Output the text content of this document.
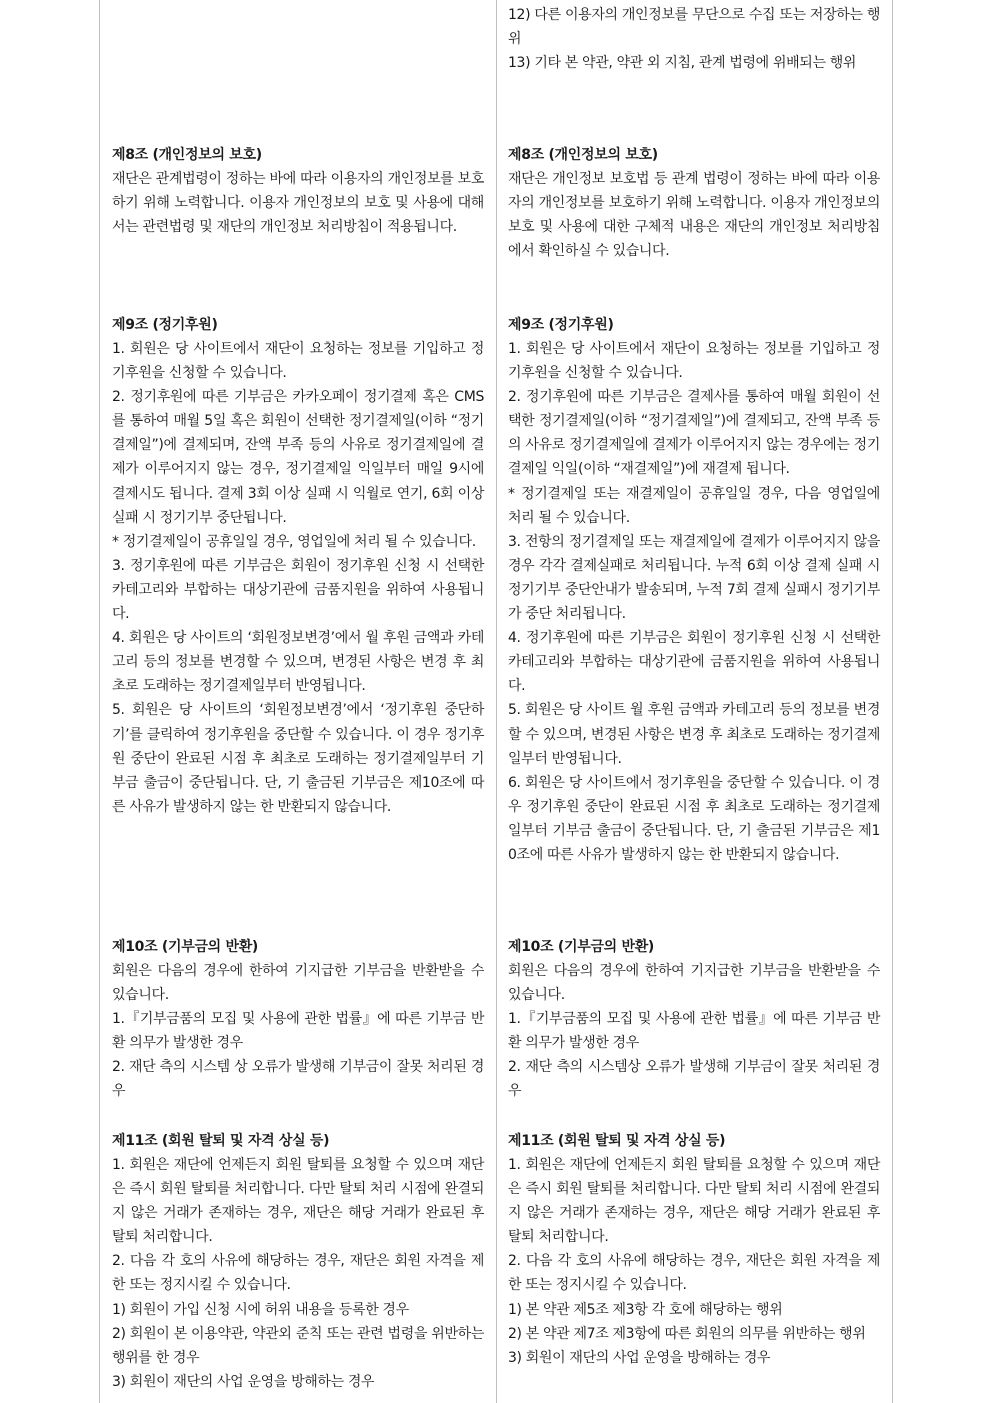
제8조 (개인정보의 보호)

재단은 관계법령이 정하는 바에 따라 이용자의 개인정보를 보호하기 위해 노력합니다. 이용자 개인정보의 보호 및 사용에 대해서는 관련법령 및 재단의 개인정보 처리방침이 적용됩니다.

제9조 (정기후원)

1. 회원은 당 사이트에서 재단이 요청하는 정보를 기입하고 정기후원을 신청할 수 있습니다.

2. 정기후원에 따른 기부금은 카카오페이 정기결제 혹은 CMS를 통하여 매월 5일 혹은 회원이 선택한 정기결제일(이하 “정기결제일”)에 결제되며, 잔액 부족 등의 사유로 정기결제일에 결제가 이루어지지 않는 경우, 정기결제일 익일부터 매일 9시에 결제시도 됩니다. 결제 3회 이상 실패 시 익월로 연기, 6회 이상 실패 시 정기기부 중단됩니다.

* 정기결제일이 공휴일일 경우, 영업일에 처리 될 수 있습니다.

3. 정기후원에 따른 기부금은 회원이 정기후원 신청 시 선택한 카테고리와 부합하는 대상기관에 금품지원을 위하여 사용됩니다.

4. 회원은 당 사이트의 ‘회원정보변경’에서 월 후원 금액과 카테고리 등의 정보를 변경할 수 있으며, 변경된 사항은 변경 후 최초로 도래하는 정기결제일부터 반영됩니다.

5. 회원은 당 사이트의 ‘회원정보변경’에서 ‘정기후원 중단하기’를 클릭하여 정기후원을 중단할 수 있습니다. 이 경우 정기후원 중단이 완료된 시점 후 최초로 도래하는 정기결제일부터 기부금 출금이 중단됩니다. 단, 기 출금된 기부금은 제10조에 따른 사유가 발생하지 않는 한 반환되지 않습니다.

제10조 (기부금의 반환)

회원은 다음의 경우에 한하여 기지급한 기부금을 반환받을 수 있습니다.

1.『기부금품의 모집 및 사용에 관한 법률』에 따른 기부금 반환 의무가 발생한 경우

2. 재단 측의 시스템 상 오류가 발생해 기부금이 잘못 처리된 경우

제11조 (회원 탈퇴 및 자격 상실 등)

1. 회원은 재단에 언제든지 회원 탈퇴를 요청할 수 있으며 재단은 즉시 회원 탈퇴를 처리합니다. 다만 탈퇴 처리 시점에 완결되지 않은 거래가 존재하는 경우, 재단은 해당 거래가 완료된 후 탈퇴 처리합니다.

2. 다음 각 호의 사유에 해당하는 경우, 재단은 회원 자격을 제한 또는 정지시킬 수 있습니다.

1) 회원이 가입 신청 시에 허위 내용을 등록한 경우

2) 회원이 본 이용약관, 약관외 준칙 또는 관련 법령을 위반하는 행위를 한 경우

3) 회원이 재단의 사업 운영을 방해하는 경우

12) 다른 이용자의 개인정보를 무단으로 수집 또는 저장하는 행위

13) 기타 본 약관, 약관 외 지침, 관계 법령에 위배되는 행위

제8조 (개인정보의 보호)

재단은 개인정보 보호법 등 관계 법령이 정하는 바에 따라 이용자의 개인정보를 보호하기 위해 노력합니다. 이용자 개인정보의 보호 및 사용에 대한 구체적 내용은 재단의 개인정보 처리방침에서 확인하실 수 있습니다.

제9조 (정기후원)

1. 회원은 당 사이트에서 재단이 요청하는 정보를 기입하고 정기후원을 신청할 수 있습니다.

2. 정기후원에 따른 기부금은 결제사를 통하여 매월 회원이 선택한 정기결제일(이하 “정기결제일”)에 결제되고, 잔액 부족 등의 사유로 정기결제일에 결제가 이루어지지 않는 경우에는 정기결제일 익일(이하 “재결제일”)에 재결제 됩니다.

* 정기결제일 또는 재결제일이 공휴일일 경우, 다음 영업일에 처리 될 수 있습니다.

3. 전항의 정기결제일 또는 재결제일에 결제가 이루어지지 않을 경우 각각 결제실패로 처리됩니다. 누적 6회 이상 결제 실패 시 정기기부 중단안내가 발송되며, 누적 7회 결제 실패시 정기기부가 중단 처리됩니다.

4. 정기후원에 따른 기부금은 회원이 정기후원 신청 시 선택한 카테고리와 부합하는 대상기관에 금품지원을 위하여 사용됩니다.

5. 회원은 당 사이트 월 후원 금액과 카테고리 등의 정보를 변경할 수 있으며, 변경된 사항은 변경 후 최초로 도래하는 정기결제일부터 반영됩니다.

6. 회원은 당 사이트에서 정기후원을 중단할 수 있습니다. 이 경우 정기후원 중단이 완료된 시점 후 최초로 도래하는 정기결제일부터 기부금 출금이 중단됩니다. 단, 기 출금된 기부금은 제10조에 따른 사유가 발생하지 않는 한 반환되지 않습니다.

제10조 (기부금의 반환)

회원은 다음의 경우에 한하여 기지급한 기부금을 반환받을 수 있습니다.

1.『기부금품의 모집 및 사용에 관한 법률』에 따른 기부금 반환 의무가 발생한 경우

2. 재단 측의 시스템상 오류가 발생해 기부금이 잘못 처리된 경우

제11조 (회원 탈퇴 및 자격 상실 등)

1. 회원은 재단에 언제든지 회원 탈퇴를 요청할 수 있으며 재단은 즉시 회원 탈퇴를 처리합니다. 다만 탈퇴 처리 시점에 완결되지 않은 거래가 존재하는 경우, 재단은 해당 거래가 완료된 후 탈퇴 처리합니다.

2. 다음 각 호의 사유에 해당하는 경우, 재단은 회원 자격을 제한 또는 정지시킬 수 있습니다.

1) 본 약관 제5조 제3항 각 호에 해당하는 행위

2) 본 약관 제7조 제3항에 따른 회원의 의무를 위반하는 행위

3) 회원이 재단의 사업 운영을 방해하는 경우
